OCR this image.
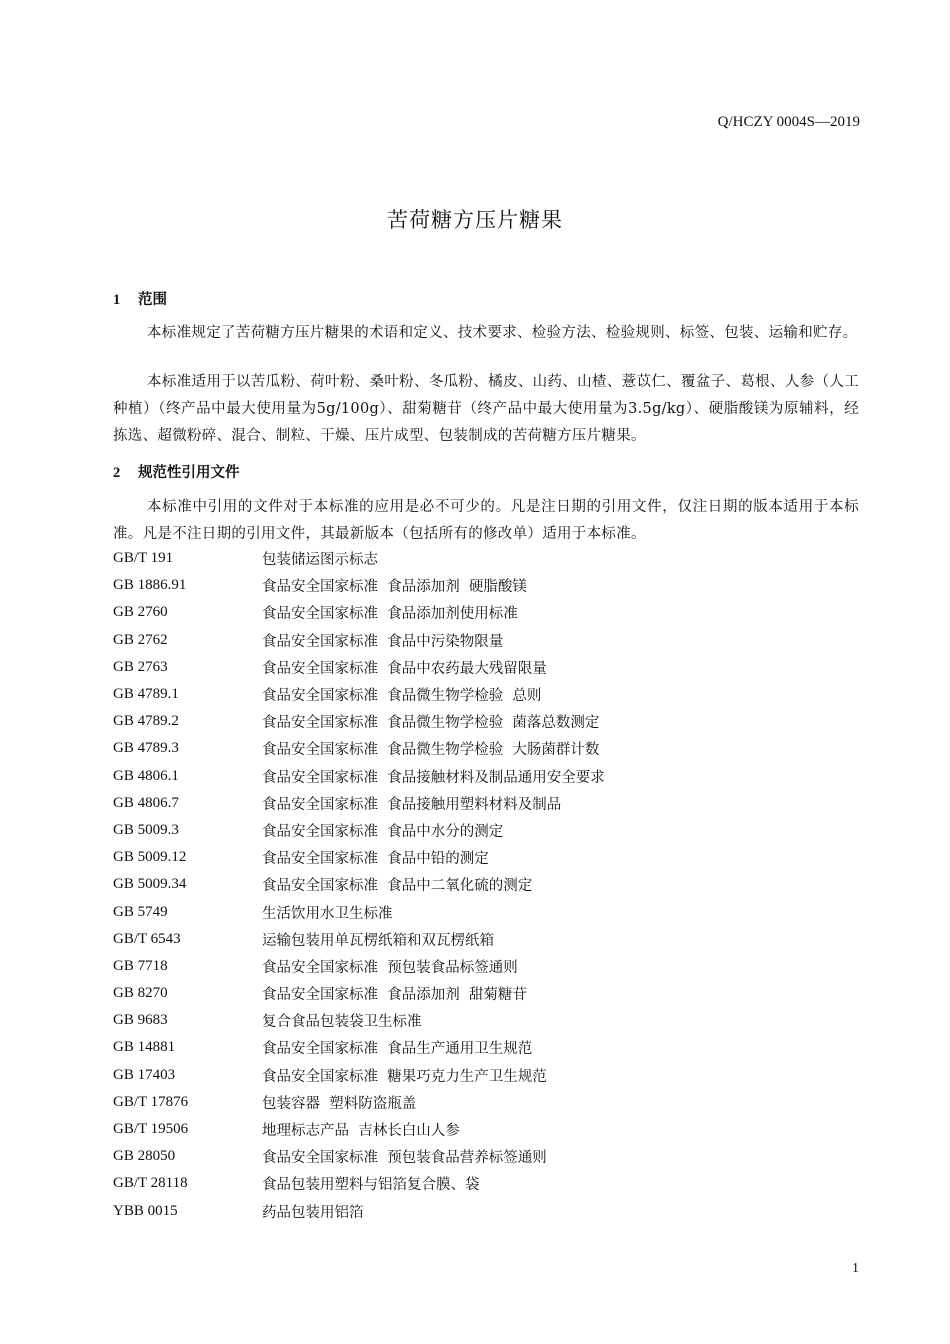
Q/HCZY 0004S—2019
苦荷糖方压片糖果
1 范围
本标准规定了苦荷糖方压片糖果的术语和定义、技术要求、检验方法、检验规则、标签、包装、运输和贮存。
本标准适用于以苦瓜粉、荷叶粉、桑叶粉、冬瓜粉、橘皮、山药、山楂、薏苡仁、覆盆子、葛根、人参（人工种植）（终产品中最大使用量为5g/100g）、甜菊糖苷（终产品中最大使用量为3.5g/kg）、硬脂酸镁为原辅料，经拣选、超微粉碎、混合、制粒、干燥、压片成型、包装制成的苦荷糖方压片糖果。
2 规范性引用文件
本标准中引用的文件对于本标准的应用是必不可少的。凡是注日期的引用文件，仅注日期的版本适用于本标准。凡是不注日期的引用文件，其最新版本（包括所有的修改单）适用于本标准。
GB/T 191	包装储运图示标志
GB 1886.91	食品安全国家标准  食品添加剂  硬脂酸镁
GB 2760	食品安全国家标准  食品添加剂使用标准
GB 2762	食品安全国家标准  食品中污染物限量
GB 2763	食品安全国家标准  食品中农药最大残留限量
GB 4789.1	食品安全国家标准  食品微生物学检验  总则
GB 4789.2	食品安全国家标准  食品微生物学检验  菌落总数测定
GB 4789.3	食品安全国家标准  食品微生物学检验  大肠菌群计数
GB 4806.1	食品安全国家标准  食品接触材料及制品通用安全要求
GB 4806.7	食品安全国家标准  食品接触用塑料材料及制品
GB 5009.3	食品安全国家标准  食品中水分的测定
GB 5009.12	食品安全国家标准  食品中铅的测定
GB 5009.34	食品安全国家标准  食品中二氧化硫的测定
GB 5749	生活饮用水卫生标准
GB/T 6543	运输包装用单瓦楞纸箱和双瓦楞纸箱
GB 7718	食品安全国家标准  预包装食品标签通则
GB 8270	食品安全国家标准  食品添加剂  甜菊糖苷
GB 9683	复合食品包装袋卫生标准
GB 14881	食品安全国家标准  食品生产通用卫生规范
GB 17403	食品安全国家标准  糖果巧克力生产卫生规范
GB/T 17876	包装容器  塑料防盗瓶盖
GB/T 19506	地理标志产品  吉林长白山人参
GB 28050	食品安全国家标准  预包装食品营养标签通则
GB/T 28118	食品包装用塑料与铝箔复合膜、袋
YBB 0015	药品包装用铝箔
1
